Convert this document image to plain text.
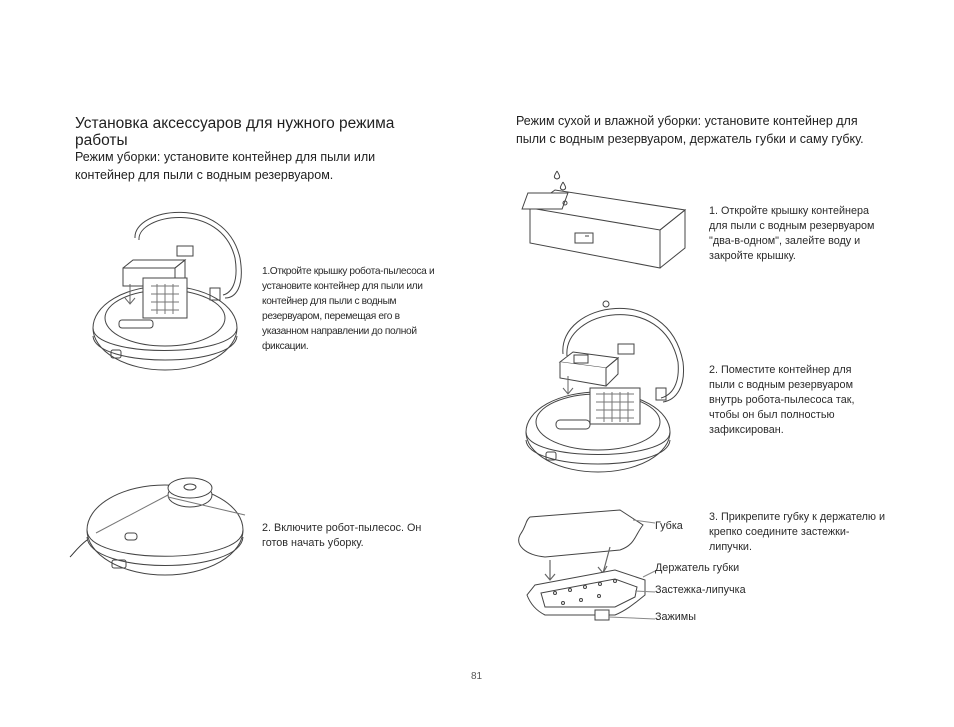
Установка аксессуаров для нужного режима работы
Режим уборки: установите контейнер для пыли или контейнер для пыли с водным резервуаром.
1.Откройте крышку робота-пылесоса и установите контейнер для пыли или контейнер для пыли с водным резервуаром, перемещая его в указанном направлении до полной фиксации.
2. Включите робот-пылесос. Он готов начать уборку.
Режим сухой и влажной уборки: установите контейнер для пыли с водным резервуаром, держатель губки и саму губку.
1. Откройте крышку контейнера для пыли с водным резервуаром "два-в-одном", залейте воду и закройте крышку.
2. Поместите контейнер для пыли с водным резервуаром внутрь робота-пылесоса так, чтобы он был полностью зафиксирован.
3. Прикрепите губку к держателю и крепко соедините застежки-липучки.
Губка
Держатель губки
Застежка-липучка
Зажимы
81
